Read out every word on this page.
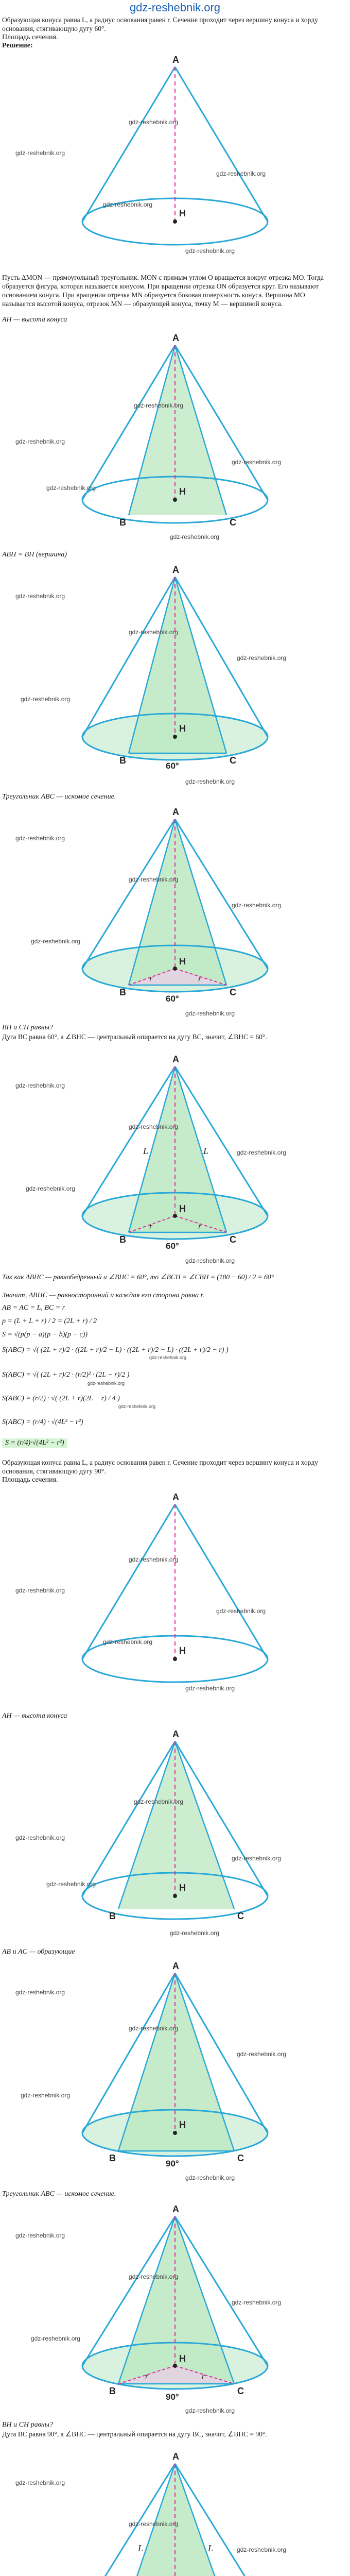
gdz-reshebnik.org
Образующая конуса равна L, а радиус основания равен r. Сечение проходит через вершину конуса и хорду основания, стягивающую дугу 60°.
Площадь сечения.
Решение:
A
H
gdz-reshebnik.org
gdz-reshebnik.org
gdz-reshebnik.org
gdz-reshebnik.org
gdz-reshebnik.org
Пусть ΔMON — прямоугольный треугольник. MON с прямым углом O вращается вокруг отрезка MO. Тогда образуется фигура, которая называется конусом. При вращении отрезка ON образуется круг. Его называют основанием конуса. При вращении отрезка MN образуется боковая поверхность конуса. Вершина MO называется высотой конуса, отрезок MN — образующей конуса, точку M — вершиной конуса.
AH — высота конуса
A
H
B	C
gdz-reshebnik.org
gdz-reshebnik.org
gdz-reshebnik.org
gdz-reshebnik.org
gdz-reshebnik.org
ABH = BH (вершина)
A
H
B	C
60°
gdz-reshebnik.org
gdz-reshebnik.org
gdz-reshebnik.org
gdz-reshebnik.org
gdz-reshebnik.org
Треугольник ABC — искомое сечение.
A
H
B	C
60°
r	r
gdz-reshebnik.org
gdz-reshebnik.org
gdz-reshebnik.org
gdz-reshebnik.org
gdz-reshebnik.org
BH и CH равны?
Дуга BC равна 60°, а ∠BHC — центральный опирается на дугу BC, значит, ∠BHC = 60°.
A
H
B	C
60°
L	L
r	r
gdz-reshebnik.org
gdz-reshebnik.org
gdz-reshebnik.org
gdz-reshebnik.org
gdz-reshebnik.org
Так как ΔBHC — равнобедренный и ∠BHC = 60°, то ∠BCH = ∠CBH = (180 − 60) / 2 = 60°
Значит, ΔBHC — равносторонний и каждая его сторона равна r.
AB = AC = L, BC = r
p = (L + L + r) / 2 = (2L + r) / 2
S = √(p(p − a)(p − b)(p − c))
S(ABC) = √( (2L + r)/2 · ((2L + r)/2 − L) · ((2L + r)/2 − L) · ((2L + r)/2 − r) )
S(ABC) = √( (2L + r)/2 · (r/2)² · (2L − r)/2 )
S(ABC) = (r/2) · √( (2L + r)(2L − r) / 4 )
S(ABC) = (r/4) · √(4L² − r²)
gdz-reshebnik.org
gdz-reshebnik.org
gdz-reshebnik.org
S = (r/4)·√(4L² − r²)
Образующая конуса равна L, а радиус основания равен r. Сечение проходит через вершину конуса и хорду основания, стягивающую дугу 90°.
Площадь сечения.
A
H
gdz-reshebnik.org
gdz-reshebnik.org
gdz-reshebnik.org
gdz-reshebnik.org
gdz-reshebnik.org
AH — высота конуса
A
H
B	C
gdz-reshebnik.org
gdz-reshebnik.org
gdz-reshebnik.org
gdz-reshebnik.org
gdz-reshebnik.org
AB и AC — образующие
A
H
B	C
90°
gdz-reshebnik.org
gdz-reshebnik.org
gdz-reshebnik.org
gdz-reshebnik.org
gdz-reshebnik.org
Треугольник ABC — искомое сечение.
A
H
B	C
90°
r	r
gdz-reshebnik.org
gdz-reshebnik.org
gdz-reshebnik.org
gdz-reshebnik.org
gdz-reshebnik.org
BH и CH равны?
Дуга BC равна 90°, а ∠BHC — центральный опирается на дугу BC, значит, ∠BHC = 90°.
A
L	L
gdz-reshebnik.org
gdz-reshebnik.org
gdz-reshebnik.org
